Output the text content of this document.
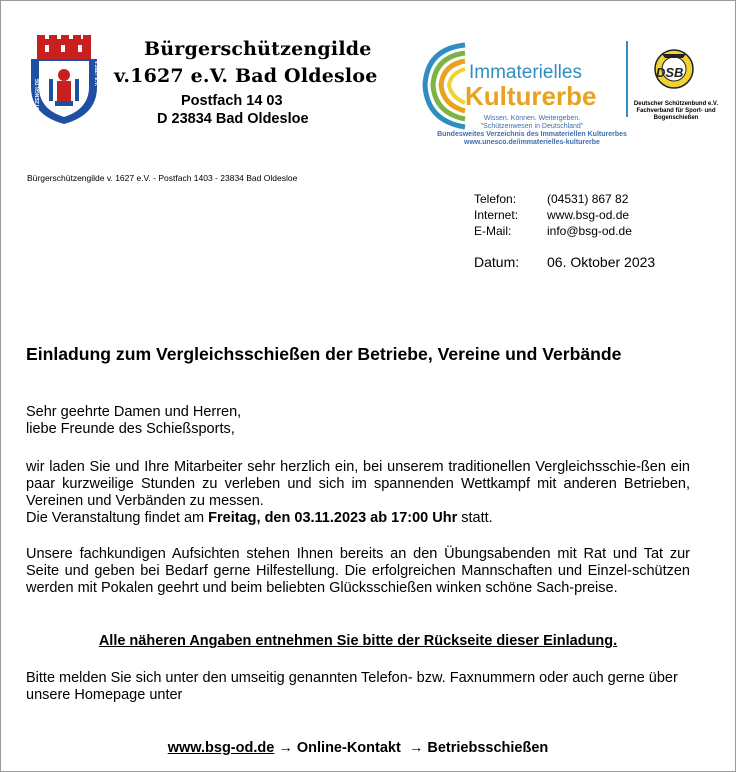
BÜRGER-SCHÜTZENGILDE
v.1627 E.V.
Bürgerschützengilde
v.1627 e.V. Bad Oldesloe
Postfach 14 03
D 23834 Bad Oldesloe
Immaterielles
Kulturerbe
Wissen. Können. Weitergeben.
"Schützenwesen in Deutschland"
Bundesweites Verzeichnis des Immateriellen Kulturerbes
www.unesco.de/immaterielles-kulturerbe
DSB
Deutscher Schützenbund e.V.
Fachverband für Sport- und
Bogenschießen
Bürgerschützengilde v. 1627 e.V. - Postfach 1403 - 23834 Bad Oldesloe
Telefon:	(04531) 867 82
Internet:	www.bsg-od.de
E-Mail:	info@bsg-od.de
Datum: 06. Oktober 2023
Einladung zum Vergleichsschießen der Betriebe, Vereine und Verbände
Sehr geehrte Damen und Herren,
liebe Freunde des Schießsports,
wir laden Sie und Ihre Mitarbeiter sehr herzlich ein, bei unserem traditionellen Vergleichsschie-ßen ein paar kurzweilige Stunden zu verleben und sich im spannenden Wettkampf mit anderen Betrieben, Vereinen und Verbänden zu messen.
Die Veranstaltung findet am Freitag, den 03.11.2023 ab 17:00 Uhr statt.
Unsere fachkundigen Aufsichten stehen Ihnen bereits an den Übungsabenden mit Rat und Tat zur Seite und geben bei Bedarf gerne Hilfestellung. Die erfolgreichen Mannschaften und Einzel-schützen werden mit Pokalen geehrt und beim beliebten Glücksschießen winken schöne Sach-preise.
Alle näheren Angaben entnehmen Sie bitte der Rückseite dieser Einladung.
Bitte melden Sie sich unter den umseitig genannten Telefon- bzw. Faxnummern oder auch gerne über unsere Homepage unter
www.bsg-od.de → Online-Kontakt → Betriebsschießen
